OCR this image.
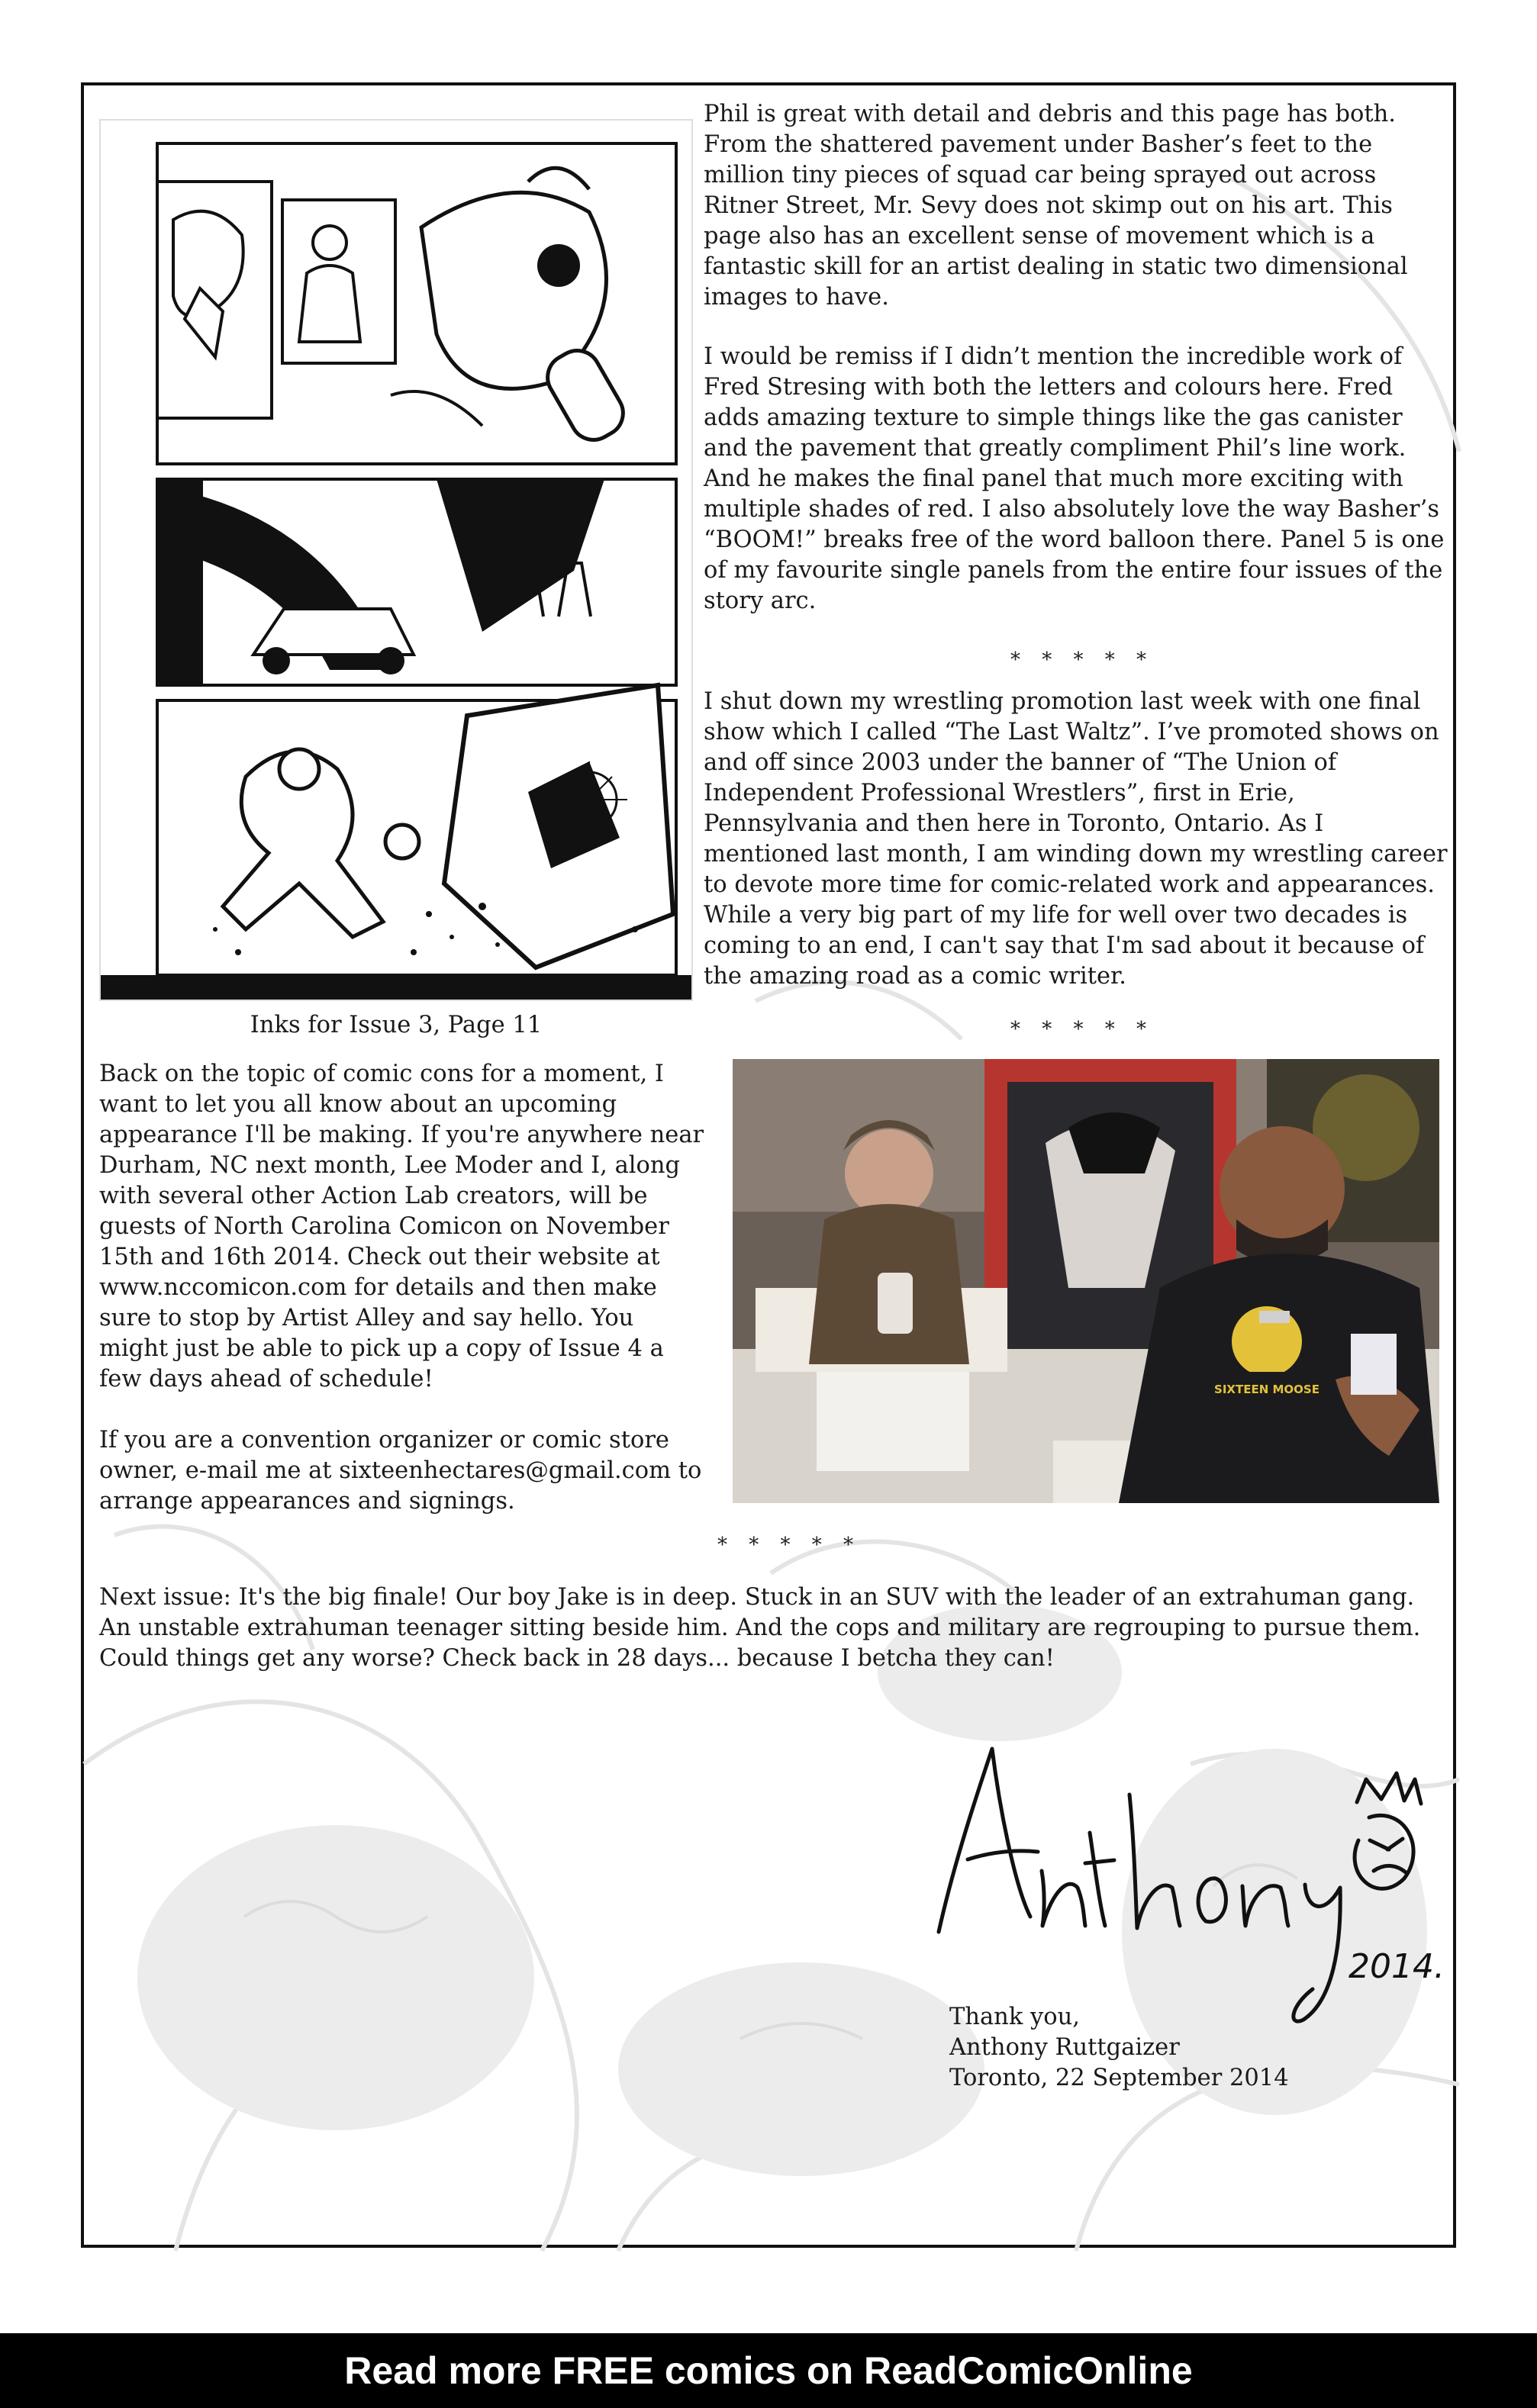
Inks for Issue 3, Page 11

Phil is great with detail and debris and this page has both. From the shattered pavement under Basher’s feet to the million tiny pieces of squad car being sprayed out across Ritner Street, Mr. Sevy does not skimp out on his art. This page also has an excellent sense of movement which is a fantastic skill for an artist dealing in static two dimensional images to have.

I would be remiss if I didn’t mention the incredible work of Fred Stresing with both the letters and colours here. Fred adds amazing texture to simple things like the gas canister and the pavement that greatly compliment Phil’s line work. And he makes the final panel that much more exciting with multiple shades of red. I also absolutely love the way Basher’s “BOOM!” breaks free of the word balloon there. Panel 5 is one of my favourite single panels from the entire four issues of the story arc.

* * * * *

I shut down my wrestling promotion last week with one final show which I called “The Last Waltz”. I’ve promoted shows on and off since 2003 under the banner of “The Union of Independent Professional Wrestlers”, first in Erie, Pennsylvania and then here in Toronto, Ontario. As I mentioned last month, I am winding down my wrestling career to devote more time for comic-related work and appearances. While a very big part of my life for well over two decades is coming to an end, I can't say that I'm sad about it because of the amazing road as a comic writer.

* * * * *

Back on the topic of comic cons for a moment, I want to let you all know about an upcoming appearance I'll be making. If you're anywhere near Durham, NC next month, Lee Moder and I, along with several other Action Lab creators, will be guests of North Carolina Comicon on November 15th and 16th 2014. Check out their website at www.nccomicon.com for details and then make sure to stop by Artist Alley and say hello. You might just be able to pick up a copy of Issue 4 a few days ahead of schedule!

If you are a convention organizer or comic store owner, e-mail me at sixteenhectares@gmail.com to arrange appearances and signings.

SIXTEEN MOOSE
* * * * *

Next issue: It's the big finale! Our boy Jake is in deep. Stuck in an SUV with the leader of an extrahuman gang. An unstable extrahuman teenager sitting beside him. And the cops and military are regrouping to pursue them. Could things get any worse? Check back in 28 days... because I betcha they can!

2014.
Thank you,
Anthony Ruttgaizer
Toronto, 22 September 2014
Read more FREE comics on ReadComicOnline
